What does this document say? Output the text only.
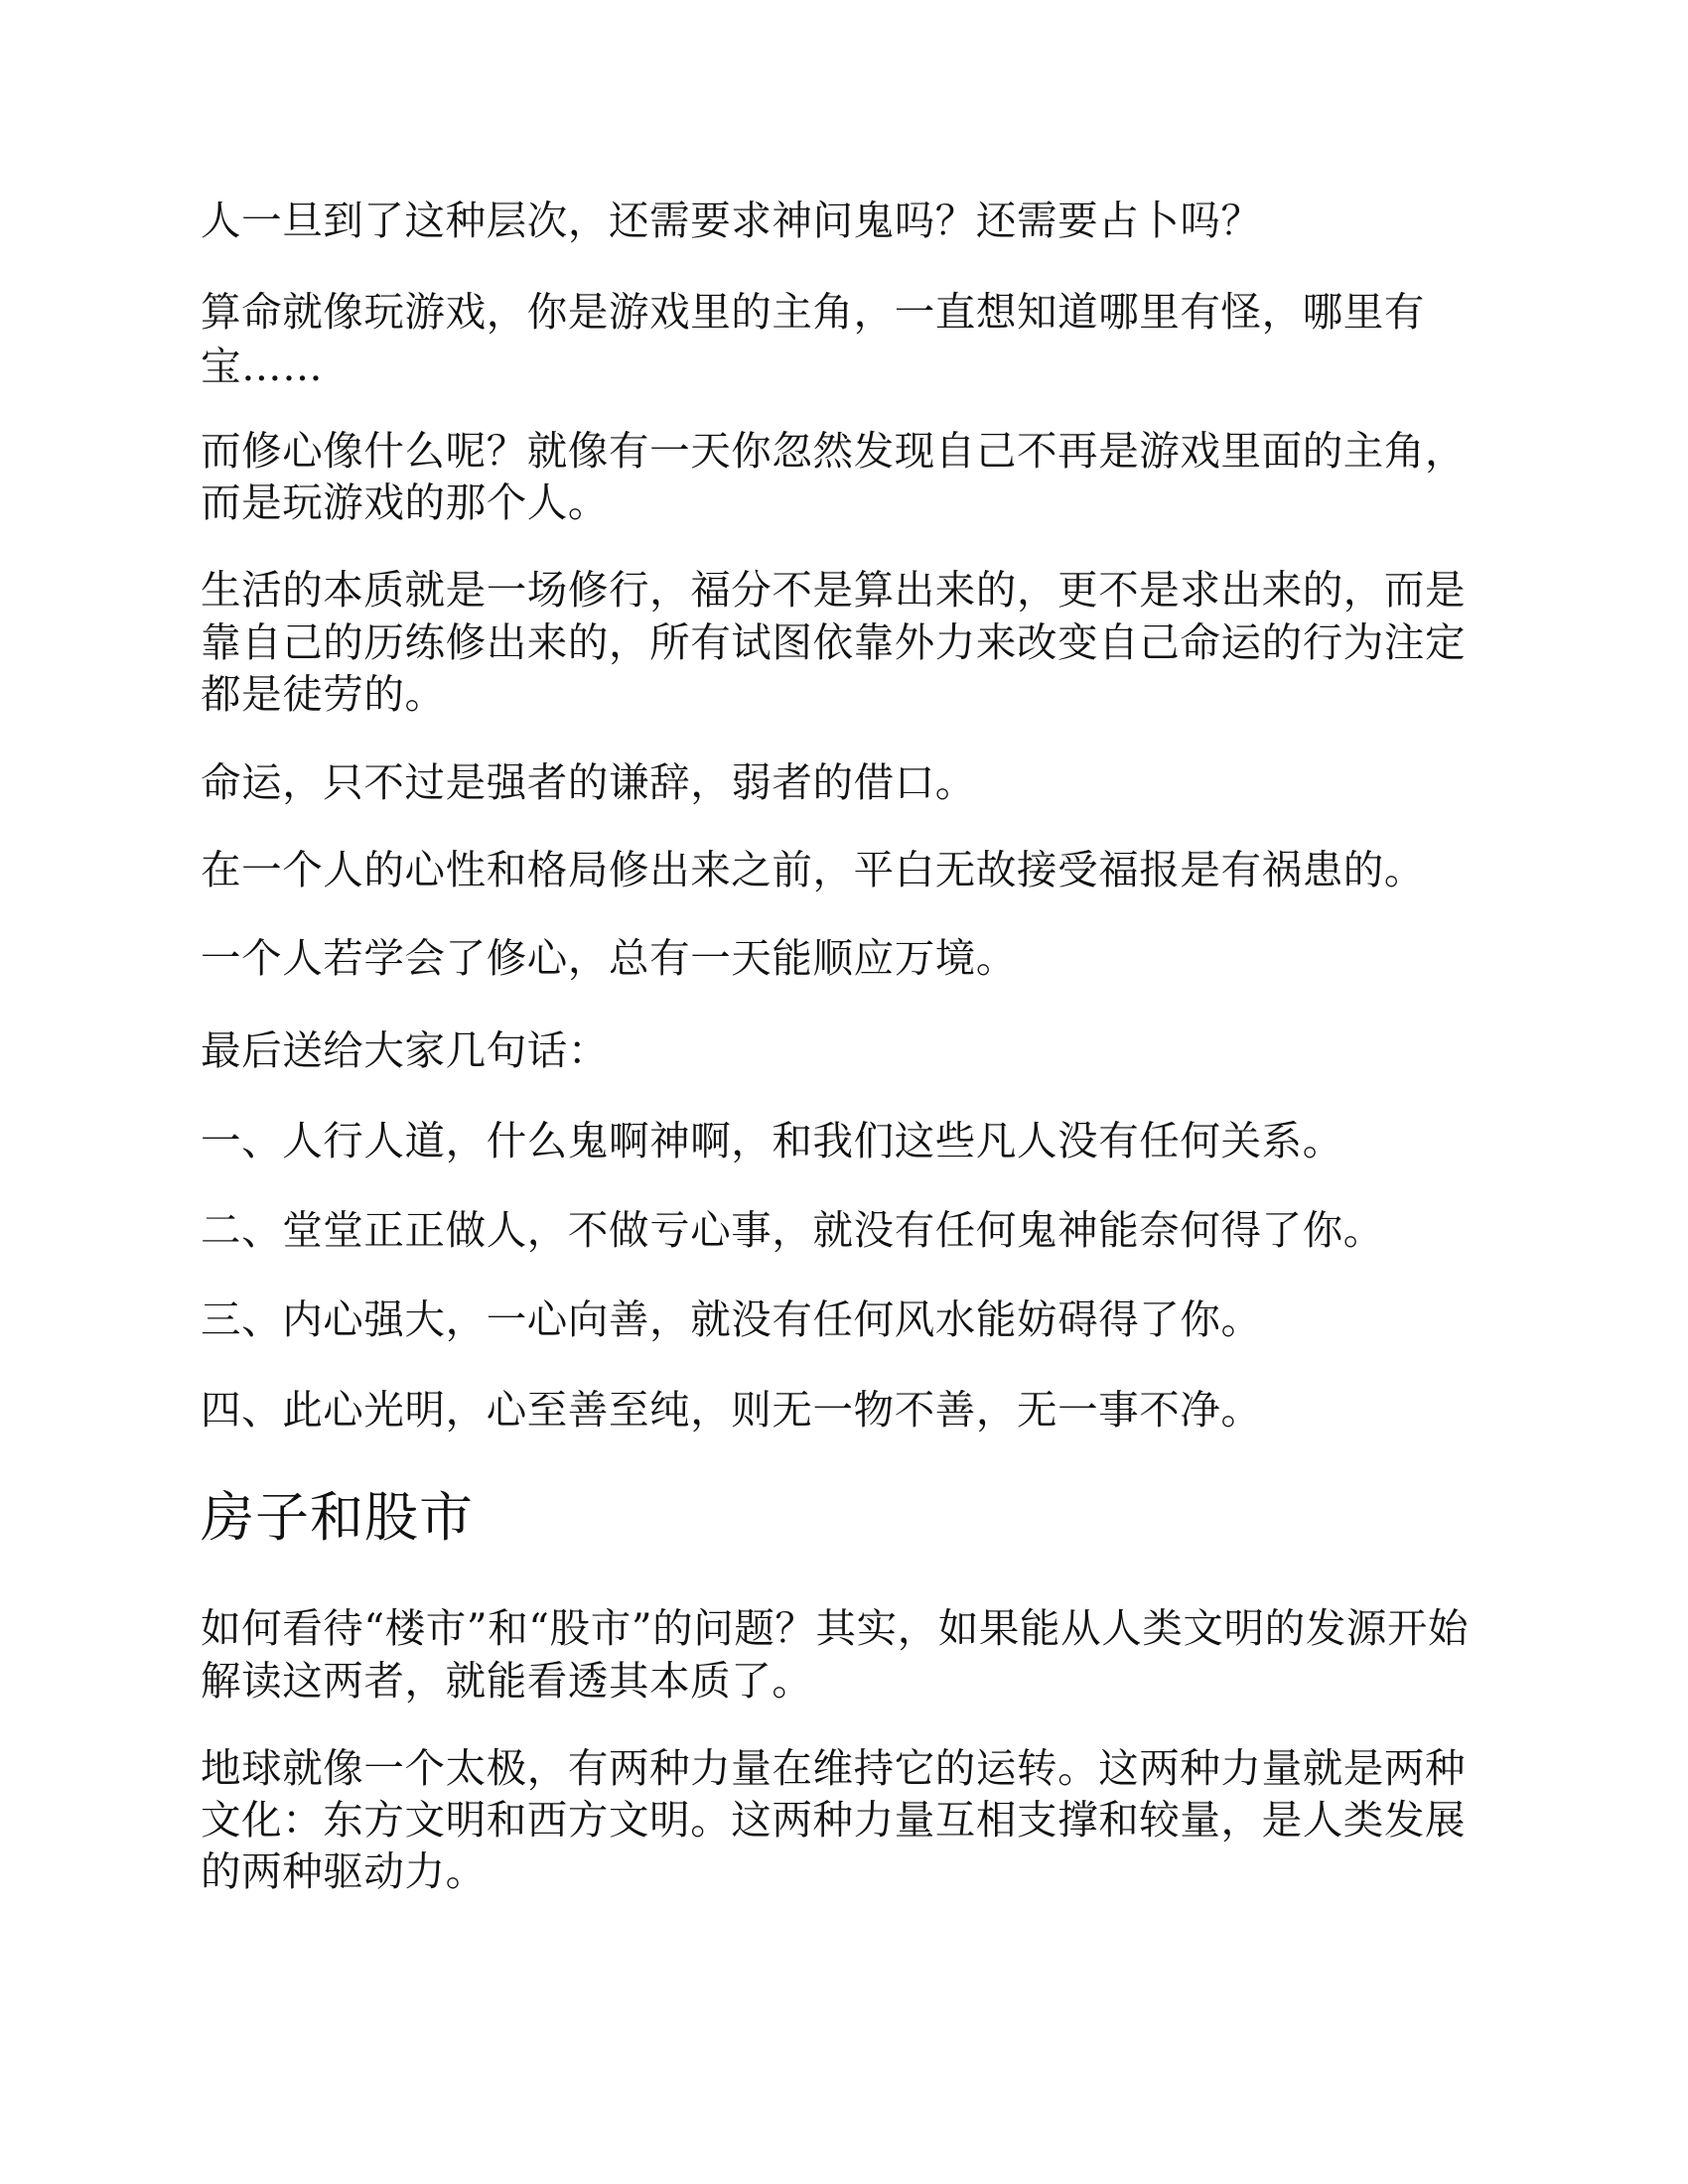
人一旦到了这种层次，还需要求神问鬼吗？还需要占卜吗？
算命就像玩游戏，你是游戏里的主角，一直想知道哪里有怪，哪里有
宝……
而修心像什么呢？就像有一天你忽然发现自己不再是游戏里面的主角，
而是玩游戏的那个人。
生活的本质就是一场修行，福分不是算出来的，更不是求出来的，而是
靠自己的历练修出来的，所有试图依靠外力来改变自己命运的行为注定
都是徒劳的。
命运，只不过是强者的谦辞，弱者的借口。
在一个人的心性和格局修出来之前，平白无故接受福报是有祸患的。
一个人若学会了修心，总有一天能顺应万境。
最后送给大家几句话：
一、人行人道，什么鬼啊神啊，和我们这些凡人没有任何关系。
二、堂堂正正做人，不做亏心事，就没有任何鬼神能奈何得了你。
三、内心强大，一心向善，就没有任何风水能妨碍得了你。
四、此心光明，心至善至纯，则无一物不善，无一事不净。
房子和股市
如何看待“楼市”和“股市”的问题？其实，如果能从人类文明的发源开始
解读这两者，就能看透其本质了。
地球就像一个太极，有两种力量在维持它的运转。这两种力量就是两种
文化：东方文明和西方文明。这两种力量互相支撑和较量，是人类发展
的两种驱动力。
